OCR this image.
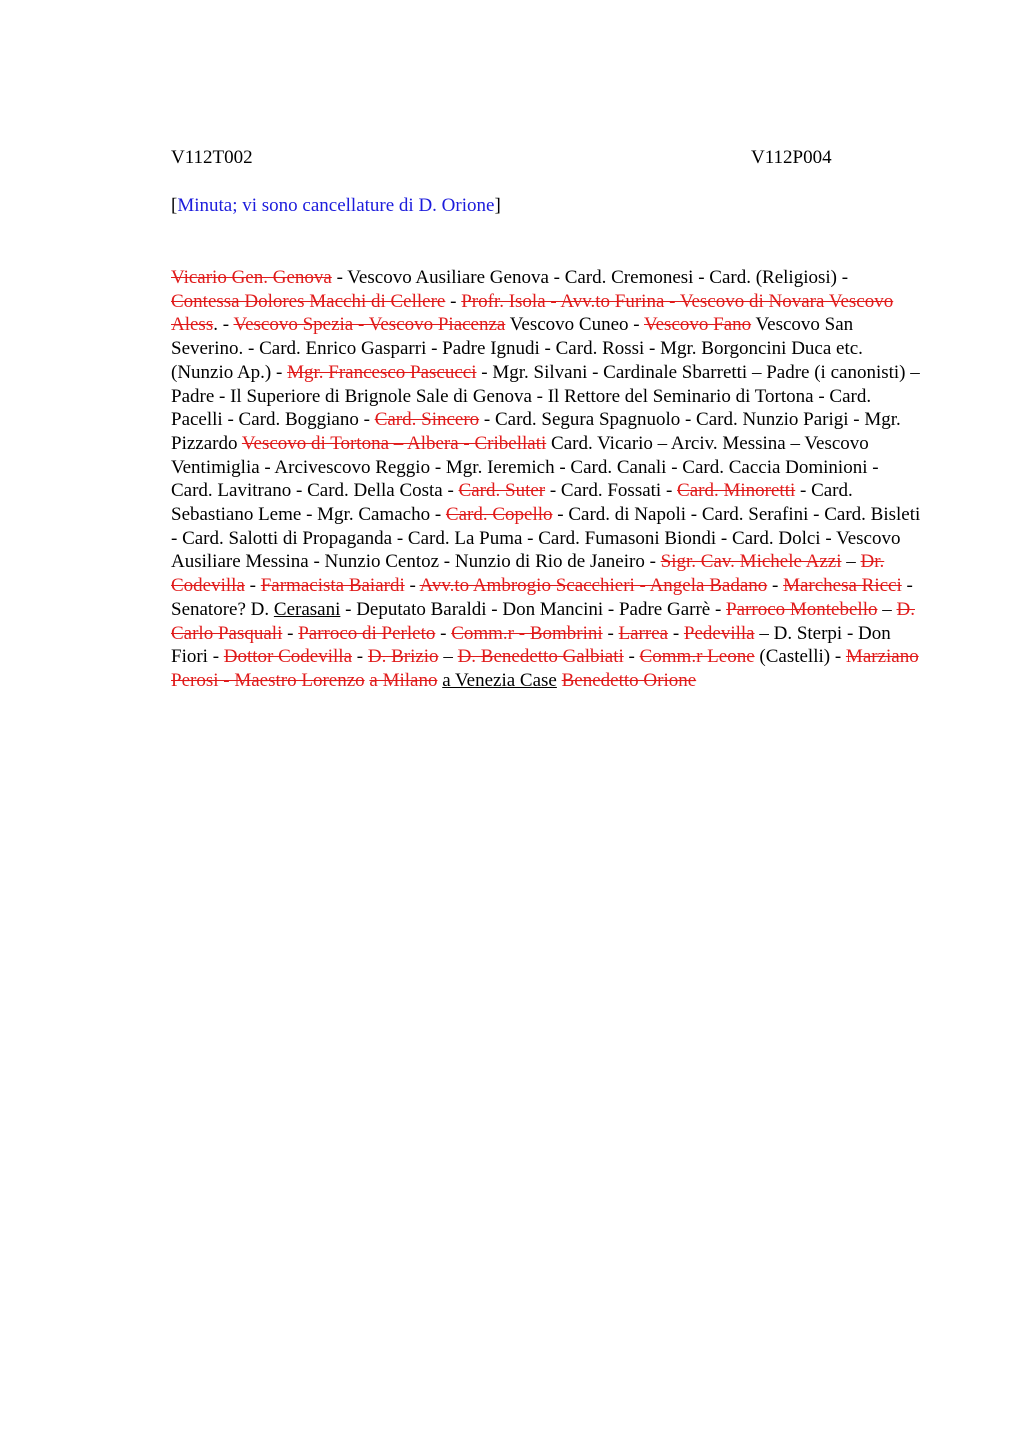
V112T002	V112P004
[Minuta; vi sono cancellature di D. Orione]
Vicario Gen. Genova - Vescovo Ausiliare Genova - Card. Cremonesi - Card. (Religiosi) - Contessa Dolores Macchi di Cellere - Profr. Isola - Avv.to Furina - Vescovo di Novara Vescovo Aless. - Vescovo Spezia - Vescovo Piacenza Vescovo Cuneo - Vescovo Fano Vescovo San Severino. - Card. Enrico Gasparri - Padre Ignudi - Card. Rossi - Mgr. Borgoncini Duca etc. (Nunzio Ap.) - Mgr. Francesco Pascucci - Mgr. Silvani - Cardinale Sbarretti – Padre (i canonisti) – Padre - Il Superiore di Brignole Sale di Genova - Il Rettore del Seminario di Tortona - Card. Pacelli - Card. Boggiano - Card. Sincero - Card. Segura Spagnuolo - Card. Nunzio Parigi - Mgr. Pizzardo Vescovo di Tortona – Albera - Cribellati Card. Vicario – Arciv. Messina – Vescovo Ventimiglia - Arcivescovo Reggio - Mgr. Ieremich - Card. Canali - Card. Caccia Dominioni - Card. Lavitrano - Card. Della Costa - Card. Suter - Card. Fossati - Card. Minoretti - Card. Sebastiano Leme - Mgr. Camacho - Card. Copello - Card. di Napoli - Card. Serafini - Card. Bisleti - Card. Salotti di Propaganda - Card. La Puma - Card. Fumasoni Biondi - Card. Dolci - Vescovo Ausiliare Messina - Nunzio Centoz - Nunzio di Rio de Janeiro - Sigr. Cav. Michele Azzi – Dr. Codevilla - Farmacista Baiardi - Avv.to Ambrogio Scacchieri - Angela Badano - Marchesa Ricci - Senatore? D. Cerasani - Deputato Baraldi - Don Mancini - Padre Garrè - Parroco Montebello – D. Carlo Pasquali - Parroco di Perleto - Comm.r - Bombrini - Larrea - Pedevilla – D. Sterpi - Don Fiori - Dottor Codevilla - D. Brizio – D. Benedetto Galbiati - Comm.r Leone (Castelli) - Marziano Perosi - Maestro Lorenzo a Milano a Venezia Case Benedetto Orione
